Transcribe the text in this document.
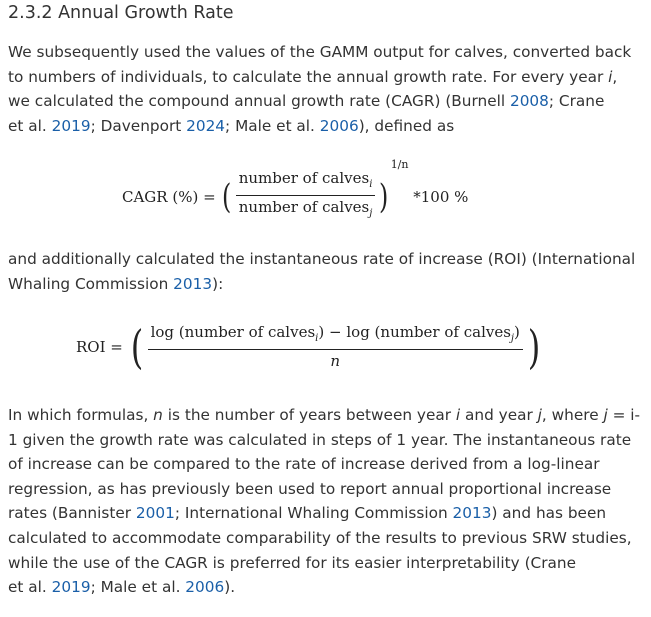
2.3.2 Annual Growth Rate

We subsequently used the values of the GAMM output for calves, converted back
to numbers of individuals, to calculate the annual growth rate. For every year i,
we calculated the compound annual growth rate (CAGR) (Burnell 2008; Crane
et al. 2019; Davenport 2024; Male et al. 2006), defined as

CAGR (%) = ( $\frac{number of calves_i}{number of calves_j} )1/n$ *100 %

and additionally calculated the instantaneous rate of increase (ROI) (International
Whaling Commission 2013):

ROI = ( $\frac{\log (number of calves_i) - \log (number of calves_j)}{n}$ )

In which formulas, n is the number of years between year i and year j, where j = i-
1 given the growth rate was calculated in steps of 1 year. The instantaneous rate
of increase can be compared to the rate of increase derived from a log-linear
regression, as has previously been used to report annual proportional increase
rates (Bannister 2001; International Whaling Commission 2013) and has been
calculated to accommodate comparability of the results to previous SRW studies,
while the use of the CAGR is preferred for its easier interpretability (Crane
et al. 2019; Male et al. 2006).
